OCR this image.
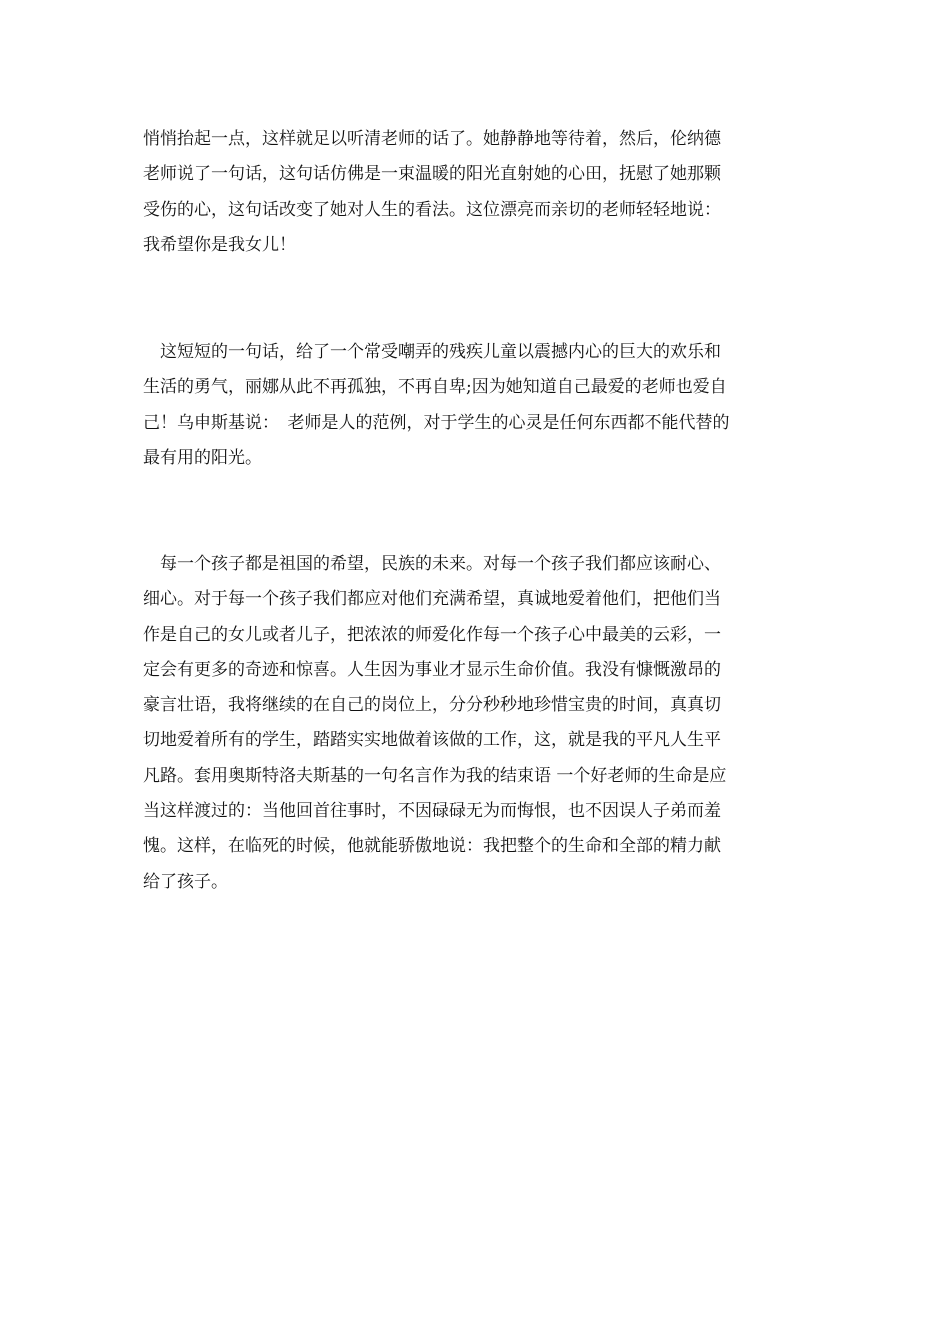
悄悄抬起一点，这样就足以听清老师的话了。她静静地等待着，然后，伦纳德
老师说了一句话，这句话仿佛是一束温暖的阳光直射她的心田，抚慰了她那颗
受伤的心，这句话改变了她对人生的看法。这位漂亮而亲切的老师轻轻地说：
我希望你是我女儿！
　这短短的一句话，给了一个常受嘲弄的残疾儿童以震撼内心的巨大的欢乐和
生活的勇气，丽娜从此不再孤独，不再自卑;因为她知道自己最爱的老师也爱自
己！乌申斯基说：　老师是人的范例，对于学生的心灵是任何东西都不能代替的
最有用的阳光。
　每一个孩子都是祖国的希望，民族的未来。对每一个孩子我们都应该耐心、
细心。对于每一个孩子我们都应对他们充满希望，真诚地爱着他们，把他们当
作是自己的女儿或者儿子，把浓浓的师爱化作每一个孩子心中最美的云彩，一
定会有更多的奇迹和惊喜。人生因为事业才显示生命价值。我没有慷慨激昂的
豪言壮语，我将继续的在自己的岗位上，分分秒秒地珍惜宝贵的时间，真真切
切地爱着所有的学生，踏踏实实地做着该做的工作，这，就是我的平凡人生平
凡路。套用奥斯特洛夫斯基的一句名言作为我的结束语 一个好老师的生命是应
当这样渡过的：当他回首往事时，不因碌碌无为而悔恨，也不因误人子弟而羞
愧。这样，在临死的时候，他就能骄傲地说：我把整个的生命和全部的精力献
给了孩子。
